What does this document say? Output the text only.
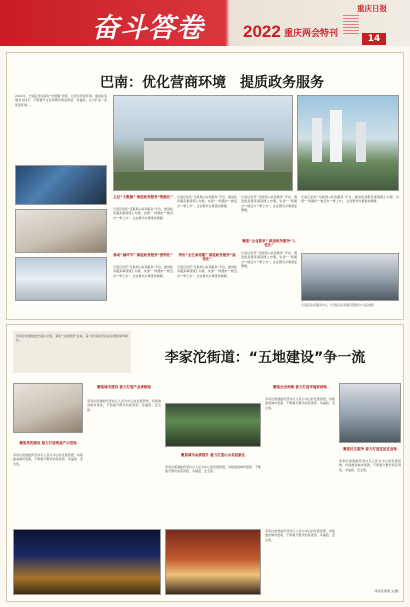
奋斗答卷 2022 重庆两会特刊
重庆日报
14
巴南：优化营商环境　提质政务服务
2021年，巴南区坚持深化“放管服”改革，以优化营商环境、提质政务服务为抓手，不断提升企业和群众的获得感、幸福感，全力打造一流营商环境……
立足“大数据” 推进政务服务“智能化”
巴南区依托“互联网+政务服务”平台，推进政务服务事项网上办理，实现“一网通办”“就近办”“掌上办”，企业群众办事更加便捷。
推动“减环节” 推进政务服务“便利化”
巴南区依托“互联网+政务服务”平台，推进政务服务事项网上办理，实现“一网通办”“就近办”“掌上办”，企业群众办事更加便捷。
巴南区依托“互联网+政务服务”平台，推进政务服务事项网上办理，实现“一网通办”“就近办”“掌上办”，企业群众办事更加便捷。
突出“全生命周期” 推进政务服务“高效化”
巴南区依托“互联网+政务服务”平台，推进政务服务事项网上办理，实现“一网通办”“就近办”“掌上办”，企业群众办事更加便捷。
巴南区依托“互联网+政务服务”平台，推进政务服务事项网上办理，实现“一网通办”“就近办”“掌上办”，企业群众办事更加便捷。
聚焦“企业需求” 推进政务服务“人性化”
巴南区依托“互联网+政务服务”平台，推进政务服务事项网上办理，实现“一网通办”“就近办”“掌上办”，企业群众办事更加便捷。
巴南区依托“互联网+政务服务”平台，推进政务服务事项网上办理，实现“一网通办”“就近办”“掌上办”，企业群众办事更加便捷。
巴南区政务服务中心（巴南区政务服务管理办公室供图）
李家沱街道地处巴南区北部，紧扣“五地建设”目标，着力打造宜居宜业宜游的城市新区。
李家沱街道：“五地建设”争一流
聚焦党的建设 着力打造两高产示范地
李家沱街道始终坚持以人民为中心的发展思想，持续推进城市更新，不断提升群众的获得感、幸福感、安全感。
聚焦城市建设 着力打造产业承载地
李家沱街道始终坚持以人民为中心的发展思想，持续推进城市更新，不断提升群众的获得感、幸福感、安全感。
聚焦城市品质提升 着力打造山水美居新区
李家沱街道始终坚持以人民为中心的发展思想，持续推进城市更新，不断提升群众的获得感、幸福感、安全感。
聚焦社会治理 着力打造幸福家园地
李家沱街道始终坚持以人民为中心的发展思想，持续推进城市更新，不断提升群众的获得感、幸福感、安全感。
聚焦民生服务 着力打造宜居宜业地
李家沱街道始终坚持以人民为中心的发展思想，持续推进城市更新，不断提升群众的获得感、幸福感、安全感。
李家沱街道始终坚持以人民为中心的发展思想，持续推进城市更新，不断提升群众的获得感、幸福感、安全感。
（李家沱街道 文/图）
